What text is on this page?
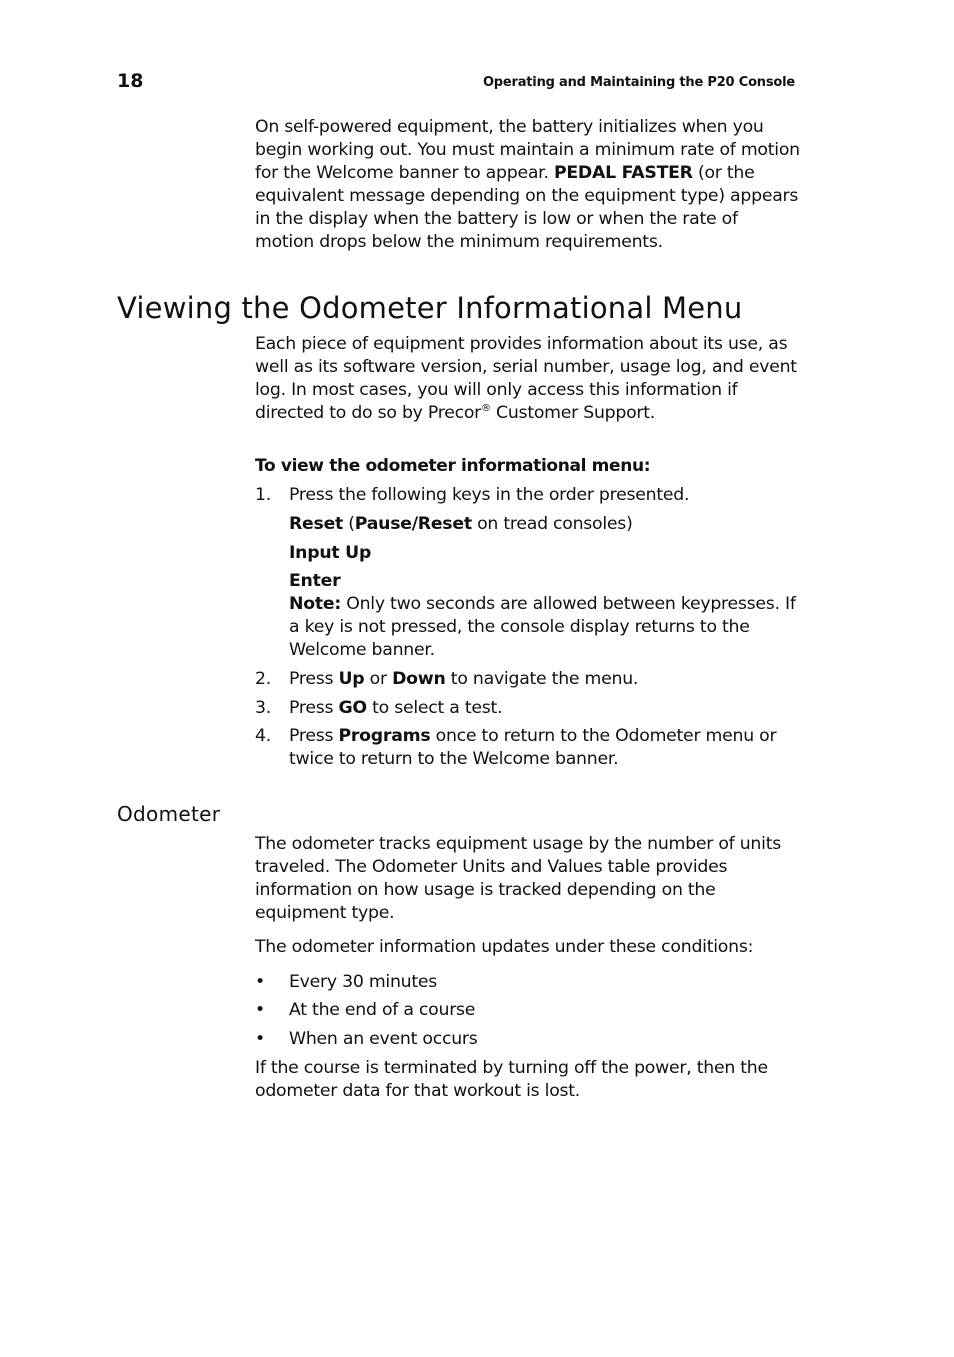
18	Operating and Maintaining the P20 Console

On self-powered equipment, the battery initializes when you begin working out. You must maintain a minimum rate of motion for the Welcome banner to appear. PEDAL FASTER (or the equivalent message depending on the equipment type) appears in the display when the battery is low or when the rate of motion drops below the minimum requirements.

Viewing the Odometer Informational Menu

Each piece of equipment provides information about its use, as well as its software version, serial number, usage log, and event log. In most cases, you will only access this information if directed to do so by Precor® Customer Support.

To view the odometer informational menu:
1. Press the following keys in the order presented.
Reset (Pause/Reset on tread consoles)
Input Up
Enter
Note: Only two seconds are allowed between keypresses. If a key is not pressed, the console display returns to the Welcome banner.
2. Press Up or Down to navigate the menu.
3. Press GO to select a test.
4. Press Programs once to return to the Odometer menu or twice to return to the Welcome banner.
Odometer

The odometer tracks equipment usage by the number of units traveled. The Odometer Units and Values table provides information on how usage is tracked depending on the equipment type.

The odometer information updates under these conditions:

• Every 30 minutes
• At the end of a course
• When an event occurs

If the course is terminated by turning off the power, then the odometer data for that workout is lost.
